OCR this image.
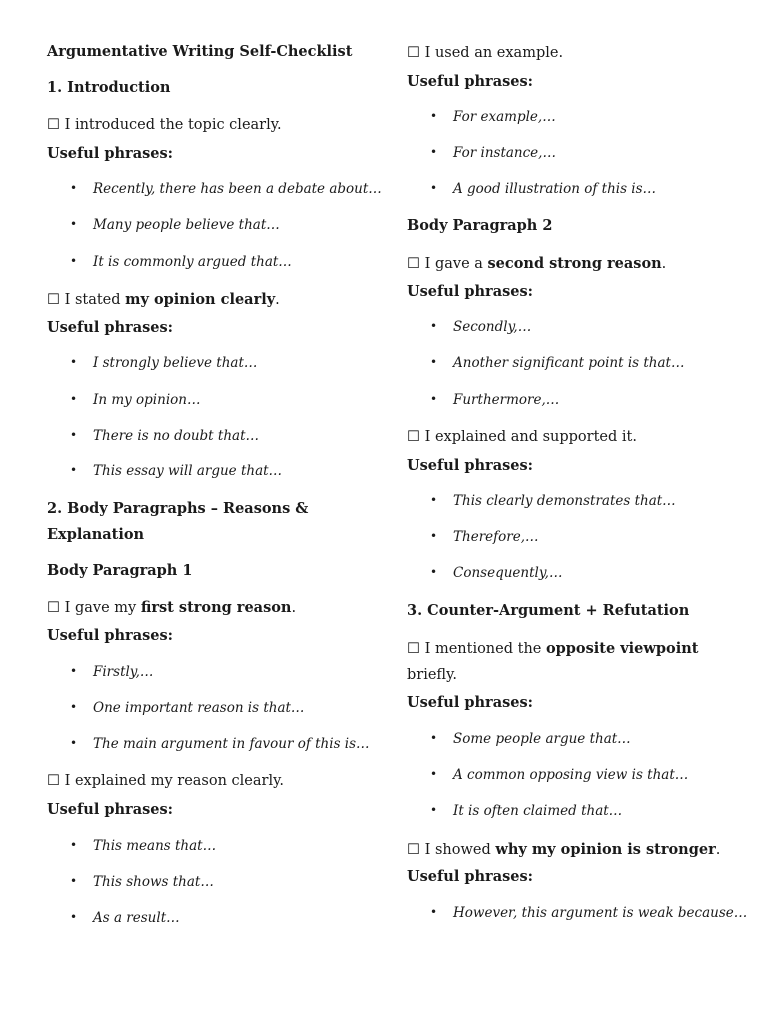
Argumentative Writing Self-Checklist
1. Introduction
☐ I introduced the topic clearly.
Useful phrases:
• Recently, there has been a debate about…
• Many people believe that…
• It is commonly argued that…
☐ I stated my opinion clearly.
Useful phrases:
• I strongly believe that…
• In my opinion…
• There is no doubt that…
• This essay will argue that…
2. Body Paragraphs – Reasons &
Explanation
Body Paragraph 1
☐ I gave my first strong reason.
Useful phrases:
• Firstly,…
• One important reason is that…
• The main argument in favour of this is…
☐ I explained my reason clearly.
Useful phrases:
• This means that…
• This shows that…
• As a result…
☐ I used an example.
Useful phrases:
• For example,…
• For instance,…
• A good illustration of this is…
Body Paragraph 2
☐ I gave a second strong reason.
Useful phrases:
• Secondly,…
• Another significant point is that…
• Furthermore,…
☐ I explained and supported it.
Useful phrases:
• This clearly demonstrates that…
• Therefore,…
• Consequently,…
3. Counter-Argument + Refutation
☐ I mentioned the opposite viewpoint
briefly.
Useful phrases:
• Some people argue that…
• A common opposing view is that…
• It is often claimed that…
☐ I showed why my opinion is stronger.
Useful phrases:
• However, this argument is weak because…
